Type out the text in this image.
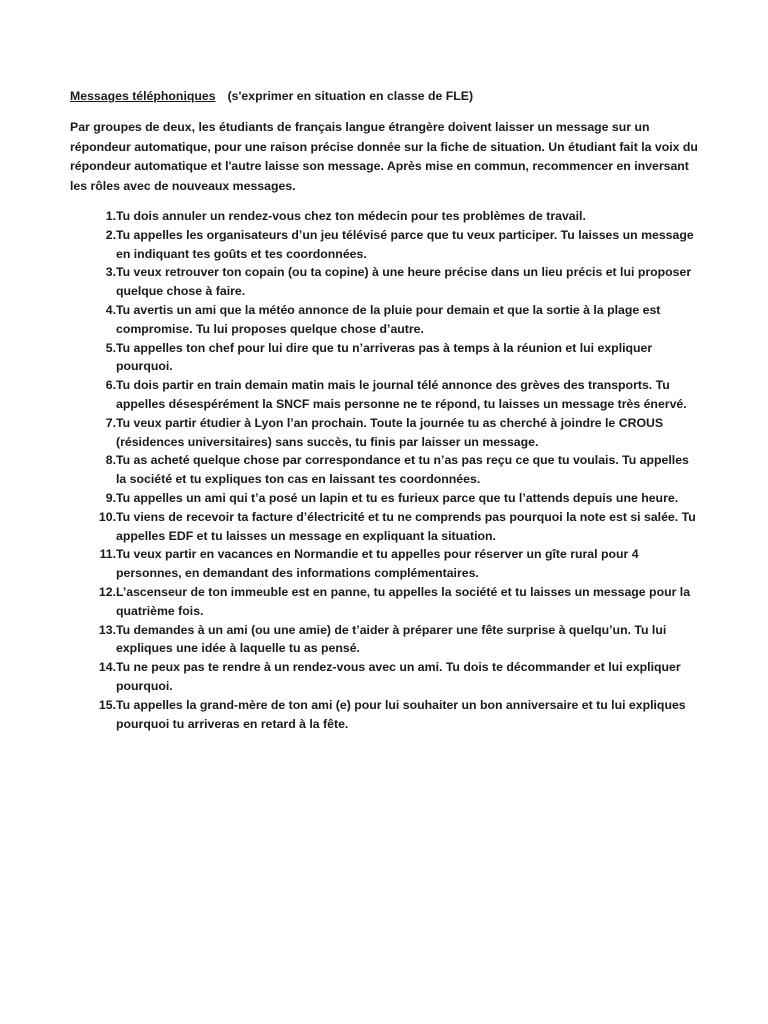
Messages téléphoniques (s'exprimer en situation en classe de FLE)

Par groupes de deux, les étudiants de français langue étrangère doivent laisser un message sur un répondeur automatique, pour une raison précise donnée sur la fiche de situation. Un étudiant fait la voix du répondeur automatique et l'autre laisse son message. Après mise en commun, recommencer en inversant les rôles avec de nouveaux messages.

1. Tu dois annuler un rendez-vous chez ton médecin pour tes problèmes de travail.
2. Tu appelles les organisateurs d’un jeu télévisé parce que tu veux participer. Tu laisses un message en indiquant tes goûts et tes coordonnées.
3. Tu veux retrouver ton copain (ou ta copine) à une heure précise dans un lieu précis et lui proposer quelque chose à faire.
4. Tu avertis un ami que la météo annonce de la pluie pour demain et que la sortie à la plage est compromise. Tu lui proposes quelque chose d’autre.
5. Tu appelles ton chef pour lui dire que tu n’arriveras pas à temps à la réunion et lui expliquer pourquoi.
6. Tu dois partir en train demain matin mais le journal télé annonce des grèves des transports. Tu appelles désespérément la SNCF mais personne ne te répond, tu laisses un message très énervé.
7. Tu veux partir étudier à Lyon l’an prochain. Toute la journée tu as cherché à joindre le CROUS (résidences universitaires) sans succès, tu finis par laisser un message.
8. Tu as acheté quelque chose par correspondance et tu n’as pas reçu ce que tu voulais. Tu appelles la société et tu expliques ton cas en laissant tes coordonnées.
9. Tu appelles un ami qui t’a posé un lapin et tu es furieux parce que tu l’attends depuis une heure.
10. Tu viens de recevoir ta facture d’électricité et tu ne comprends pas pourquoi la note est si salée. Tu appelles EDF et tu laisses un message en expliquant la situation.
11. Tu veux partir en vacances en Normandie et tu appelles pour réserver un gîte rural pour 4 personnes, en demandant des informations complémentaires.
12. L’ascenseur de ton immeuble est en panne, tu appelles la société et tu laisses un message pour la quatrième fois.
13. Tu demandes à un ami (ou une amie) de t’aider à préparer une fête surprise à quelqu’un. Tu lui expliques une idée à laquelle tu as pensé.
14. Tu ne peux pas te rendre à un rendez-vous avec un ami. Tu dois te décommander et lui expliquer pourquoi.
15. Tu appelles la grand-mère de ton ami (e) pour lui souhaiter un bon anniversaire et tu lui expliques pourquoi tu arriveras en retard à la fête.
